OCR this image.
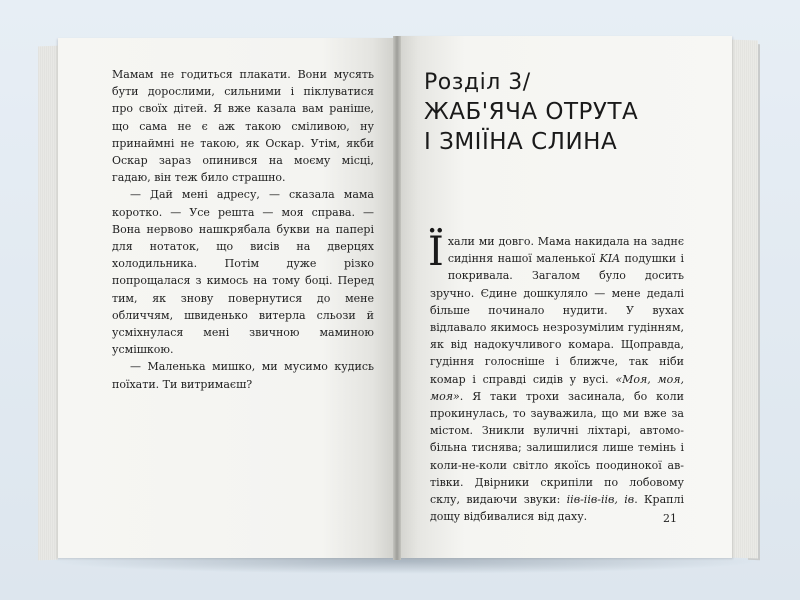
Мамам не годиться плакати. Вони мусять бути дорослими, сильними і піклуватися про своїх дітей. Я вже казала вам раніше, що сама не є аж такою сміливою, ну принаймні не такою, як Оскар. Утім, якби Оскар зараз опинився на моєму місці, гадаю, він теж било страшно.

— Дай мені адресу, — сказала мама коротко. — Усе решта — моя справа. — Вона нервово нашкрябала букви на папері для нотаток, що висів на дверцях холодильника. Потім дуже різко попрощалася з кимось на тому боці. Перед тим, як знову повернутися до мене обличчям, швиденько витерла сльози й усміхнулася мені звичною маминою усмішкою.

— Маленька мишко, ми мусимо кудись поїхати. Ти витримаєш?

Розділ 3/
ЖАБ'ЯЧА ОТРУТА
І ЗМІЇНА СЛИНА

Їхали ми довго. Мама накидала на заднє сидіння нашої маленької KIA подушки і покривала. Загалом було досить зручно. Єдине дошкуляло — мене дедалі більше починало нудити. У вухах відлавало якимось незрозумілим гудінням, як від надокучливого комара. Щоправда, гудіння голосніше і ближче, так ніби комар і справді сидів у вусі. «Моя, моя, моя». Я таки трохи засинала, бо коли прокинулась, то зауважила, що ми вже за містом. Зникли вуличні ліхтарі, автомобільна тиснява; залишилися лише темінь і коли-не-коли світло якоїсь поодинокої автівки. Двірники скрипіли по лобовому склу, видаючи звуки: іів-іів-іів, ів. Краплі дощу відбивалися від даху.	21
